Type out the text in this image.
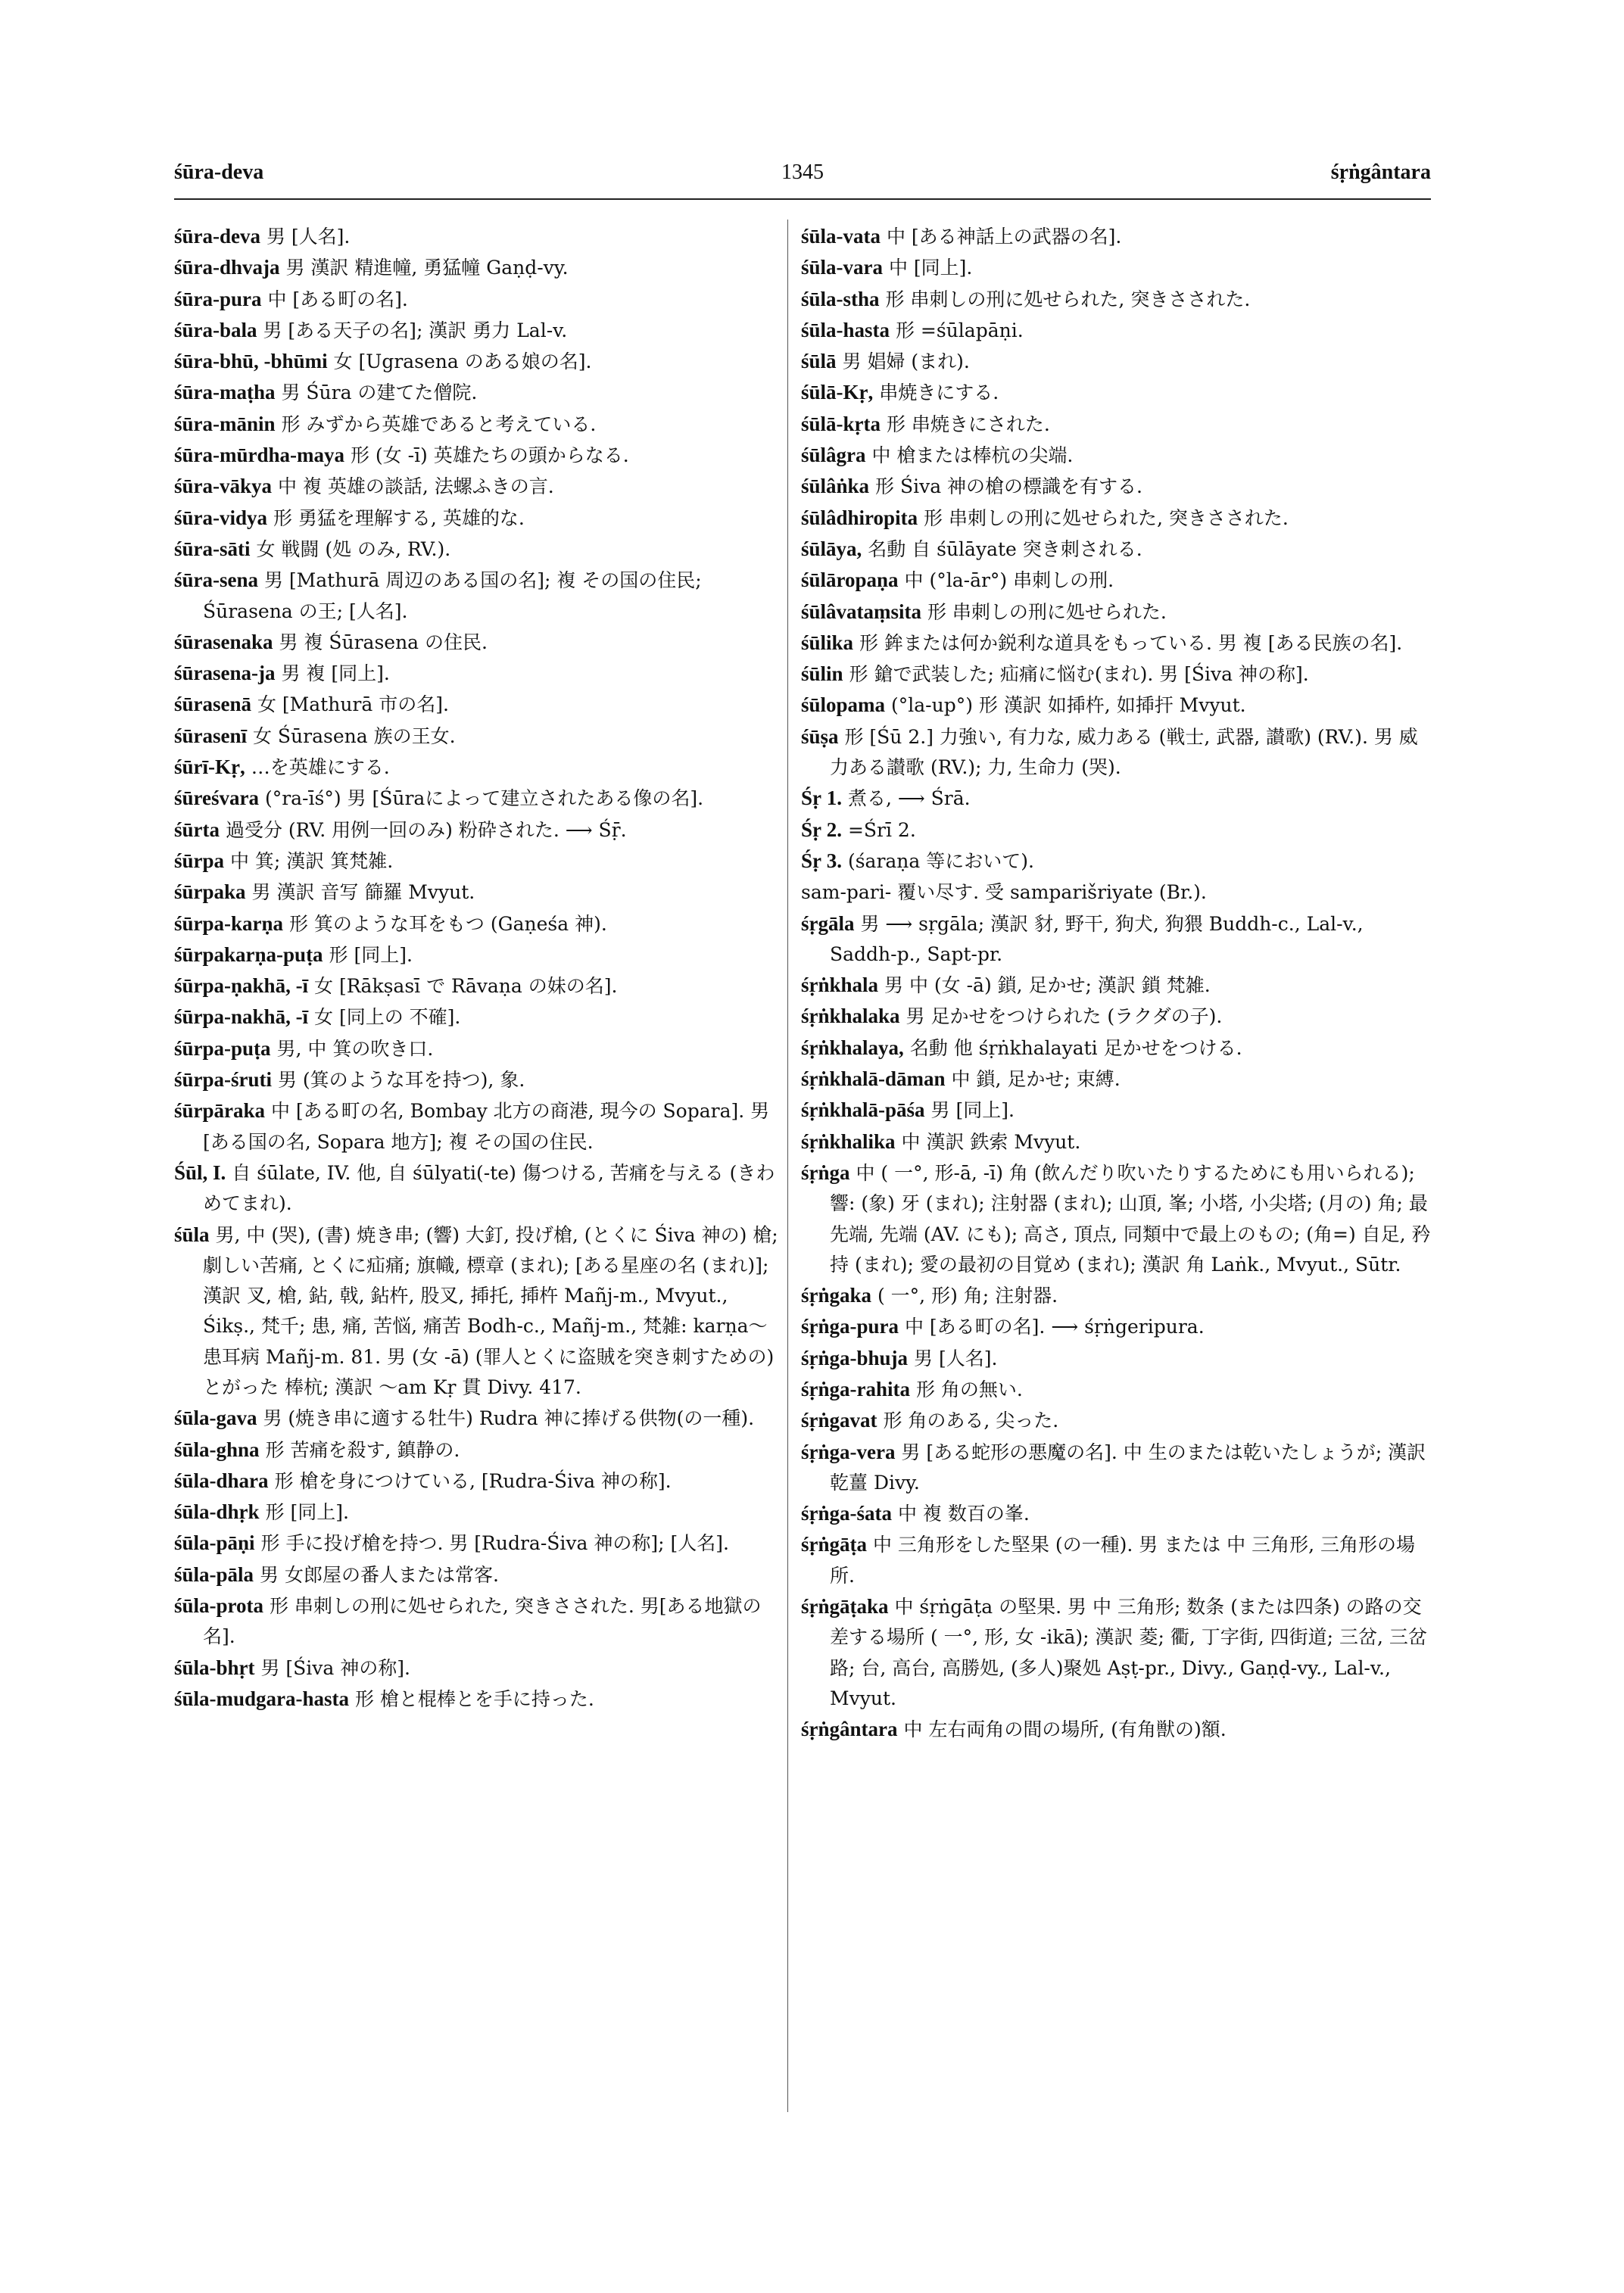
śūra-deva	1345	śṛṅgântara

śūra-deva 男 [人名].

śūra-dhvaja 男 漢訳 精進幢, 勇猛幢 Gaṇḍ-vy.

śūra-pura 中 [ある町の名].

śūra-bala 男 [ある天子の名]; 漢訳 勇力 Lal-v.

śūra-bhū, -bhūmi 女 [Ugrasena のある娘の名].

śūra-maṭha 男 Śūra の建てた僧院.

śūra-mānin 形 みずから英雄であると考えている.

śūra-mūrdha-maya 形 (女 -ī) 英雄たちの頭からなる.

śūra-vākya 中 複 英雄の談話, 法螺ふきの言.

śūra-vidya 形 勇猛を理解する, 英雄的な.

śūra-sāti 女 戦闘 (処 のみ, RV.).

śūra-sena 男 [Mathurā 周辺のある国の名]; 複 その国の住民; Śūrasena の王; [人名].

śūrasenaka 男 複 Śūrasena の住民.

śūrasena-ja 男 複 [同上].

śūrasenā 女 [Mathurā 市の名].

śūrasenī 女 Śūrasena 族の王女.

śūrī-Kṛ, …を英雄にする.

śūreśvara (°ra-īś°) 男 [Śūraによって建立されたある像の名].

śūrta 過受分 (RV. 用例一回のみ) 粉砕された. ⟶ Śṝ.

śūrpa 中 箕; 漢訳 箕梵雑.

śūrpaka 男 漢訳 音写 篩羅 Mvyut.

śūrpa-karṇa 形 箕のような耳をもつ (Gaṇeśa 神).

śūrpakarṇa-puṭa 形 [同上].

śūrpa-ṇakhā, -ī 女 [Rākṣasī で Rāvaṇa の妹の名].

śūrpa-nakhā, -ī 女 [同上の 不確].

śūrpa-puṭa 男, 中 箕の吹き口.

śūrpa-śruti 男 (箕のような耳を持つ), 象.

śūrpāraka 中 [ある町の名, Bombay 北方の商港, 現今の Sopara]. 男 [ある国の名, Sopara 地方]; 複 その国の住民.

Śūl, I. 自 śūlate, IV. 他, 自 śūlyati(-te) 傷つける, 苦痛を与える (きわめてまれ).

śūla 男, 中 (哭), (書) 焼き串; (響) 大釘, 投げ槍, (とくに Śiva 神の) 槍; 劇しい苦痛, とくに疝痛; 旗幟, 標章 (まれ); [ある星座の名 (まれ)]; 漢訳 叉, 槍, 鉆, 戟, 鉆杵, 股叉, 揷托, 揷杵 Mañj-m., Mvyut., Śikṣ., 梵千; 患, 痛, 苦悩, 痛苦 Bodh-c., Mañj-m., 梵雑: karṇa〜 患耳病 Mañj-m. 81. 男 (女 -ā) (罪人とくに盗賊を突き刺すための) とがった 棒杭; 漢訳 〜am Kṛ 貫 Divy. 417.

śūla-gava 男 (焼き串に適する牡牛) Rudra 神に捧げる供物(の一種).

śūla-ghna 形 苦痛を殺す, 鎮静の.

śūla-dhara 形 槍を身につけている, [Rudra-Śiva 神の称].

śūla-dhṛk 形 [同上].

śūla-pāṇi 形 手に投げ槍を持つ. 男 [Rudra-Śiva 神の称]; [人名].

śūla-pāla 男 女郎屋の番人または常客.

śūla-prota 形 串刺しの刑に処せられた, 突きさされた. 男[ある地獄の名].

śūla-bhṛt 男 [Śiva 神の称].

śūla-mudgara-hasta 形 槍と棍棒とを手に持った.

śūla-vata 中 [ある神話上の武器の名].

śūla-vara 中 [同上].

śūla-stha 形 串刺しの刑に処せられた, 突きさされた.

śūla-hasta 形 =śūlapāṇi.

śūlā 男 娼婦 (まれ).

śūlā-Kṛ, 串焼きにする.

śūlā-kṛta 形 串焼きにされた.

śūlâgra 中 槍または棒杭の尖端.

śūlâṅka 形 Śiva 神の槍の標識を有する.

śūlâdhiropita 形 串刺しの刑に処せられた, 突きさされた.

śūlāya, 名動 自 śūlāyate 突き刺される.

śūlāropaṇa 中 (°la-ār°) 串刺しの刑.

śūlâvataṃsita 形 串刺しの刑に処せられた.

śūlika 形 鉾または何か鋭利な道具をもっている. 男 複 [ある民族の名].

śūlin 形 鎗で武装した; 疝痛に悩む(まれ). 男 [Śiva 神の称].

śūlopama (°la-up°) 形 漢訳 如揷杵, 如揷扞 Mvyut.

śūṣa 形 [Śū 2.] 力強い, 有力な, 威力ある (戦士, 武器, 讃歌) (RV.). 男 威力ある讃歌 (RV.); 力, 生命力 (哭).

Śṛ 1. 煮る, ⟶ Śrā.

Śṛ 2. =Śrī 2.

Śṛ 3. (śaraṇa 等において).

sam-pari- 覆い尽す. 受 samparišriyate (Br.).

śṛgāla 男 ⟶ sṛgāla; 漢訳 豺, 野干, 狗犬, 狗猥 Buddh-c., Lal-v., Saddh-p., Sapt-pr.

śṛṅkhala 男 中 (女 -ā) 鎖, 足かせ; 漢訳 鎖 梵雑.

śṛṅkhalaka 男 足かせをつけられた (ラクダの子).

śṛṅkhalaya, 名動 他 śṛṅkhalayati 足かせをつける.

śṛṅkhalā-dāman 中 鎖, 足かせ; 束縛.

śṛṅkhalā-pāśa 男 [同上].

śṛṅkhalika 中 漢訳 鉄索 Mvyut.

śṛṅga 中 ( 一°, 形-ā, -ī) 角 (飲んだり吹いたりするためにも用いられる); 響: (象) 牙 (まれ); 注射器 (まれ); 山頂, 峯; 小塔, 小尖塔; (月の) 角; 最先端, 先端 (AV. にも); 高さ, 頂点, 同類中で最上のもの; (角=) 自足, 矜持 (まれ); 愛の最初の目覚め (まれ); 漢訳 角 Laṅk., Mvyut., Sūtr.

śṛṅgaka ( 一°, 形) 角; 注射器.

śṛṅga-pura 中 [ある町の名]. ⟶ śṛṅgeripura.

śṛṅga-bhuja 男 [人名].

śṛṅga-rahita 形 角の無い.

śṛṅgavat 形 角のある, 尖った.

śṛṅga-vera 男 [ある蛇形の悪魔の名]. 中 生のまたは乾いたしょうが; 漢訳 乾薑 Divy.

śṛṅga-śata 中 複 数百の峯.

śṛṅgāṭa 中 三角形をした堅果 (の一種). 男 または 中 三角形, 三角形の場所.

śṛṅgāṭaka 中 śṛṅgāṭa の堅果. 男 中 三角形; 数条 (または四条) の路の交差する場所 ( 一°, 形, 女 -ikā); 漢訳 菱; 衢, 丁字街, 四街道; 三岔, 三岔路; 台, 高台, 高勝処, (多人)聚処 Aṣṭ-pr., Divy., Gaṇḍ-vy., Lal-v., Mvyut.

śṛṅgântara 中 左右両角の間の場所, (有角獣の)額.
